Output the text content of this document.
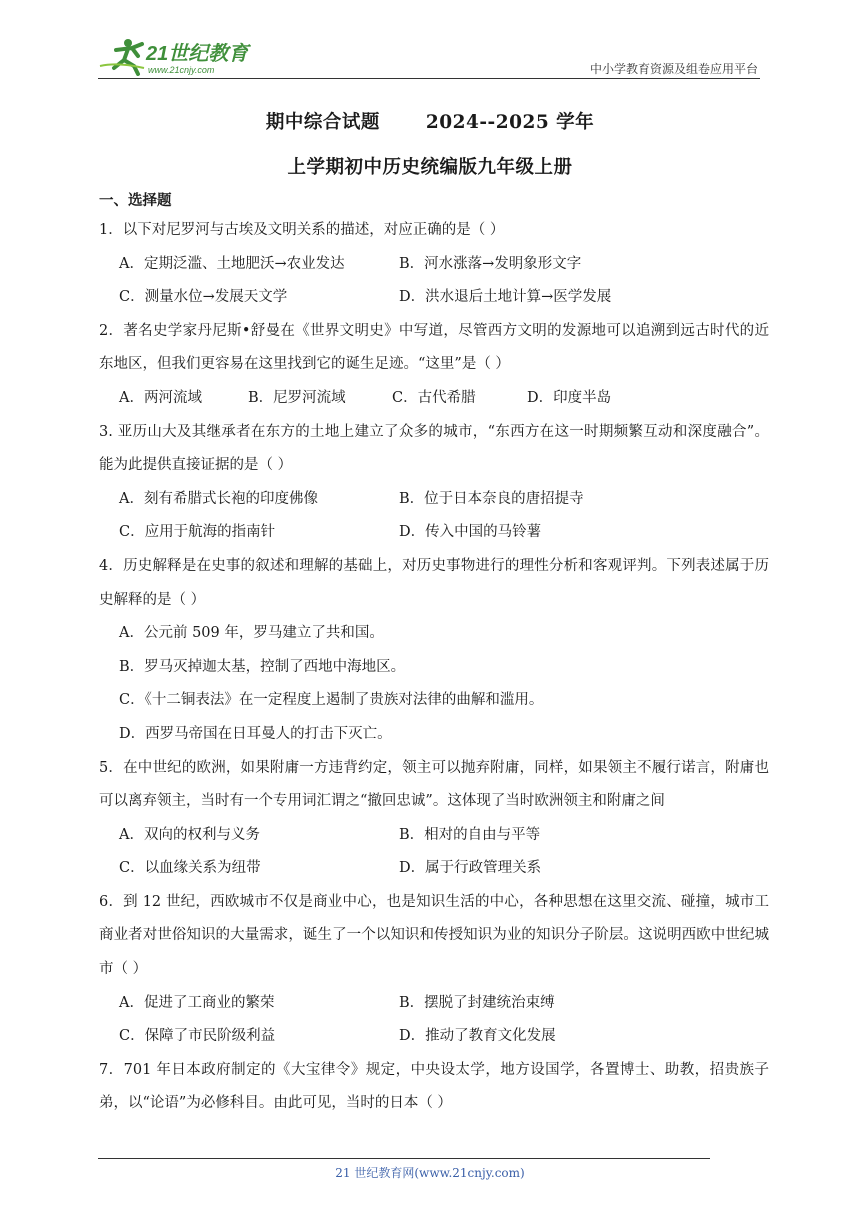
21世纪教育
www.21cnjy.com	中小学教育资源及组卷应用平台
期中综合试题 2024--2025 学年
上学期初中历史统编版九年级上册
一、选择题
1．以下对尼罗河与古埃及文明关系的描述，对应正确的是（ ）
A．定期泛滥、土地肥沃→农业发达	B．河水涨落→发明象形文字
C．测量水位→发展天文学	D．洪水退后土地计算→医学发展
2．著名史学家丹尼斯•舒曼在《世界文明史》中写道，尽管西方文明的发源地可以追溯到远古时代的近东地区，但我们更容易在这里找到它的诞生足迹。“这里”是（ ）
A．两河流域	B．尼罗河流域	C．古代希腊	D．印度半岛
3. 亚历山大及其继承者在东方的土地上建立了众多的城市，“东西方在这一时期频繁互动和深度融合”。能为此提供直接证据的是（ ）
A．刻有希腊式长袍的印度佛像	B．位于日本奈良的唐招提寺
C．应用于航海的指南针	D．传入中国的马铃薯
4．历史解释是在史事的叙述和理解的基础上，对历史事物进行的理性分析和客观评判。下列表述属于历史解释的是（ ）
A．公元前 509 年，罗马建立了共和国。
B．罗马灭掉迦太基，控制了西地中海地区。
C．《十二铜表法》在一定程度上遏制了贵族对法律的曲解和滥用。
D．西罗马帝国在日耳曼人的打击下灭亡。
5．在中世纪的欧洲，如果附庸一方违背约定，领主可以抛弃附庸，同样，如果领主不履行诺言，附庸也可以离弃领主，当时有一个专用词汇谓之“撤回忠诚”。这体现了当时欧洲领主和附庸之间
A．双向的权利与义务	B．相对的自由与平等
C．以血缘关系为纽带	D．属于行政管理关系
6．到 12 世纪，西欧城市不仅是商业中心，也是知识生活的中心，各种思想在这里交流、碰撞，城市工商业者对世俗知识的大量需求，诞生了一个以知识和传授知识为业的知识分子阶层。这说明西欧中世纪城市（ ）
A．促进了工商业的繁荣	B．摆脱了封建统治束缚
C．保障了市民阶级利益	D．推动了教育文化发展
7．701 年日本政府制定的《大宝律令》规定，中央设太学，地方设国学，各置博士、助教，招贵族子弟，以“论语”为必修科目。由此可见，当时的日本（ ）
21 世纪教育网(www.21cnjy.com)
